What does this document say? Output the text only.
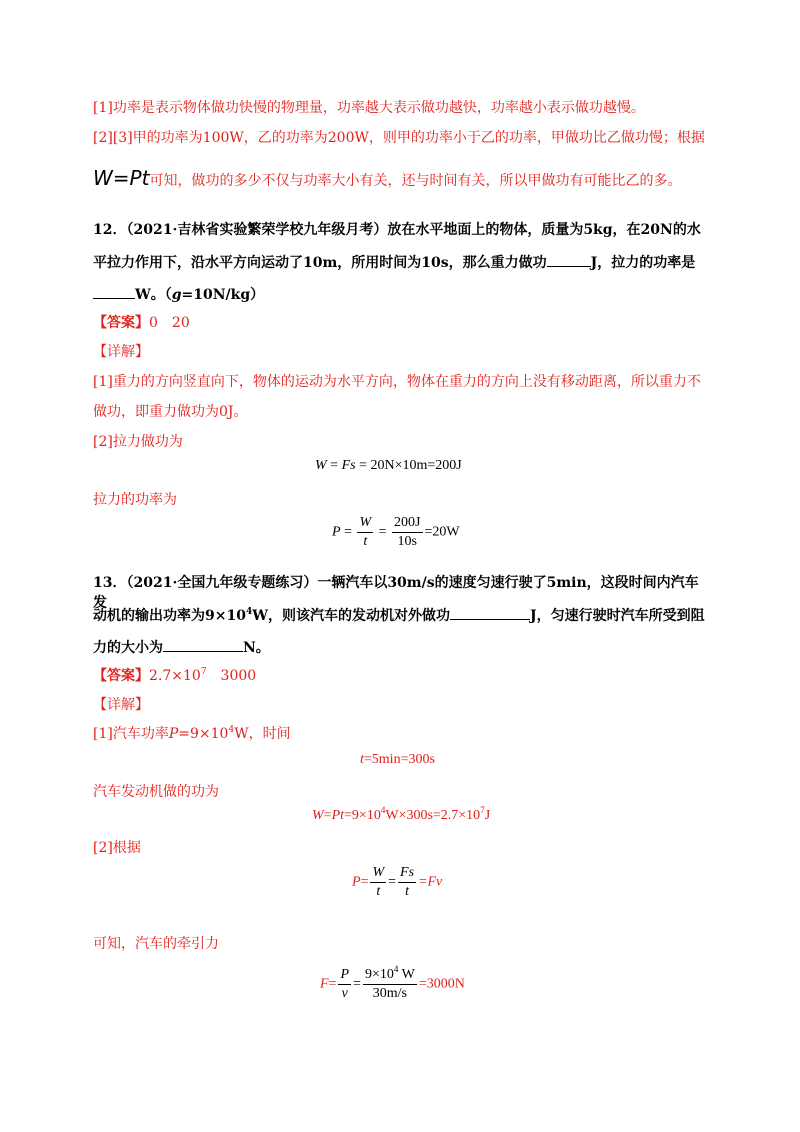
[1]功率是表示物体做功快慢的物理量，功率越大表示做功越快，功率越小表示做功越慢。
[2][3]甲的功率为100W，乙的功率为200W，则甲的功率小于乙的功率，甲做功比乙做功慢；根据
W=Pt可知，做功的多少不仅与功率大小有关，还与时间有关，所以甲做功有可能比乙的多。
12．（2021·吉林省实验繁荣学校九年级月考）放在水平地面上的物体，质量为5kg，在20N的水
平拉力作用下，沿水平方向运动了10m，所用时间为10s，那么重力做功	J，拉力的功率是
W。（g=10N/kg）
【答案】0　20
【详解】
[1]重力的方向竖直向下，物体的运动为水平方向，物体在重力的方向上没有移动距离，所以重力不
做功，即重力做功为0J。
[2]拉力做功为
W = Fs = 20N×10m=200J
拉力的功率为
$P = \frac{W}{t} = \frac{200J}{10s} =20W$
13．（2021·全国九年级专题练习）一辆汽车以30m/s的速度匀速行驶了5min，这段时间内汽车发
动机的输出功率为$9\times 10^4W$，则该汽车的发动机对外做功	J，匀速行驶时汽车所受到阻
力的大小为	N。
【答案】$2.7\times 10^7$　3000
【详解】
[1]汽车功率$P=9\times 10^4W$，时间
t=5min=300s
汽车发动机做的功为
$W=Pt=9\times 10^4W\times 300s=2.7\times 10^7J$
[2]根据
$P= \frac{W}{t} = \frac{Fs}{t} =Fv$
可知，汽车的牵引力
$F= \frac{P}{v} = \frac{9\times 10^4 W}{30m/s} =3000N$
